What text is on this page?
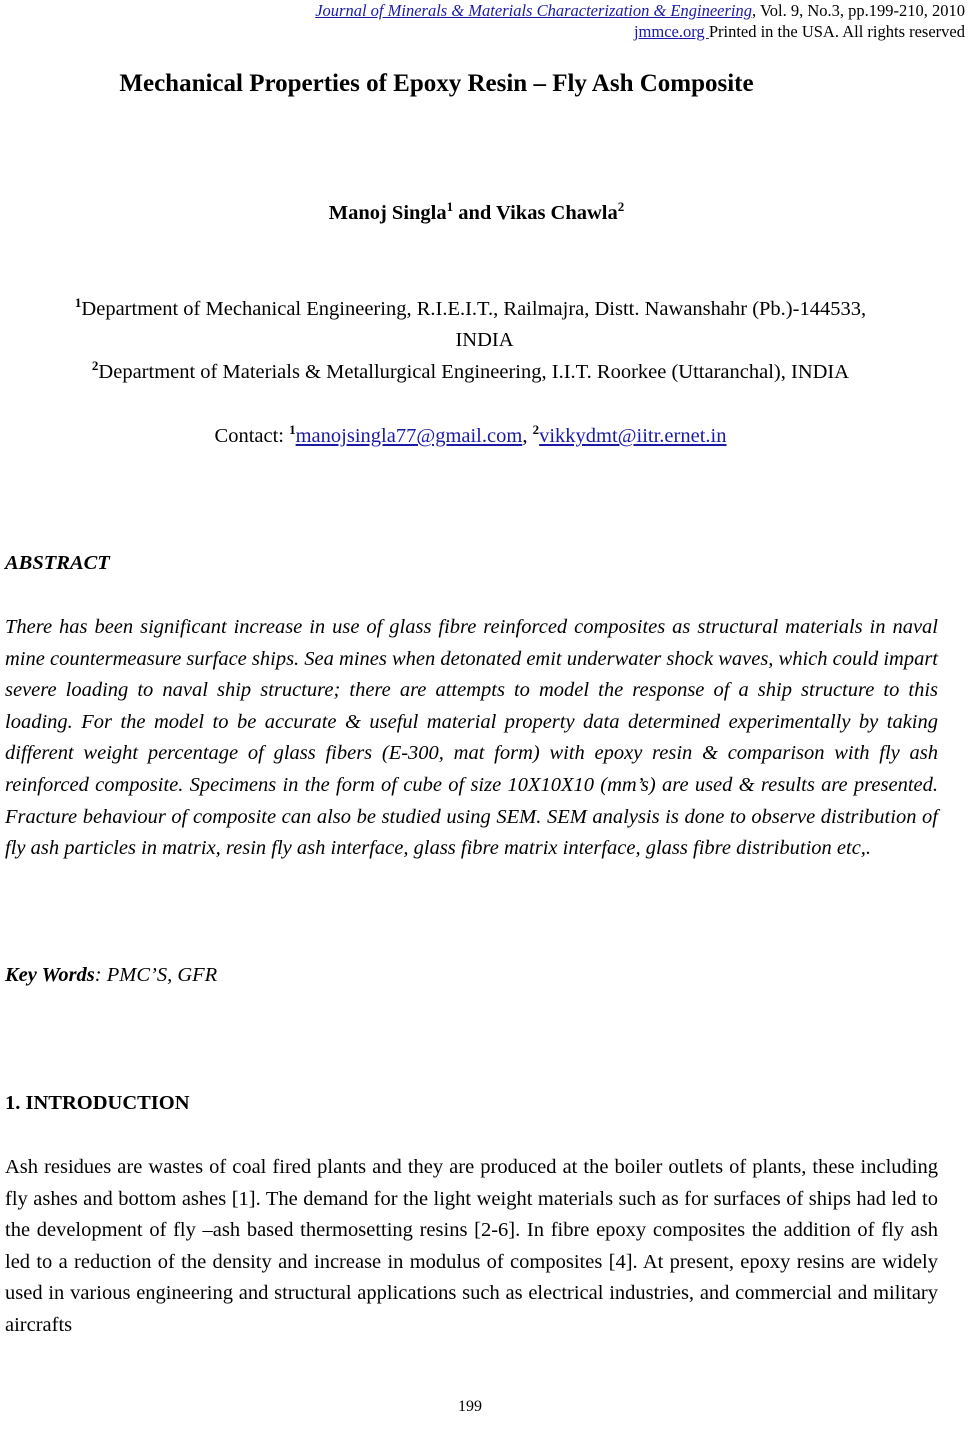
Journal of Minerals & Materials Characterization & Engineering, Vol. 9, No.3, pp.199-210, 2010
jmmce.org Printed in the USA. All rights reserved
Mechanical Properties of Epoxy Resin – Fly Ash Composite
Manoj Singla$^1$ and Vikas Chawla$^2$
$^1$Department of Mechanical Engineering, R.I.E.I.T., Railmajra, Distt. Nawanshahr (Pb.)-144533,
INDIA
$^2$Department of Materials & Metallurgical Engineering, I.I.T. Roorkee (Uttaranchal), INDIA
Contact: $^1$manojsingla77@gmail.com, $^2$vikkydmt@iitr.ernet.in
ABSTRACT
There has been significant increase in use of glass fibre reinforced composites as structural materials in naval mine countermeasure surface ships. Sea mines when detonated emit underwater shock waves, which could impart severe loading to naval ship structure; there are attempts to model the response of a ship structure to this loading. For the model to be accurate & useful material property data determined experimentally by taking different weight percentage of glass fibers (E-300, mat form) with epoxy resin & comparison with fly ash reinforced composite. Specimens in the form of cube of size 10X10X10 (mm’s) are used & results are presented. Fracture behaviour of composite can also be studied using SEM. SEM analysis is done to observe distribution of fly ash particles in matrix, resin fly ash interface, glass fibre matrix interface, glass fibre distribution etc,.
Key Words: PMC’S, GFR
1. INTRODUCTION
Ash residues are wastes of coal fired plants and they are produced at the boiler outlets of plants, these including fly ashes and bottom ashes [1]. The demand for the light weight materials such as for surfaces of ships had led to the development of fly –ash based thermosetting resins [2-6]. In fibre epoxy composites the addition of fly ash led to a reduction of the density and increase in modulus of composites [4]. At present, epoxy resins are widely used in various engineering and structural applications such as electrical industries, and commercial and military aircrafts
199
